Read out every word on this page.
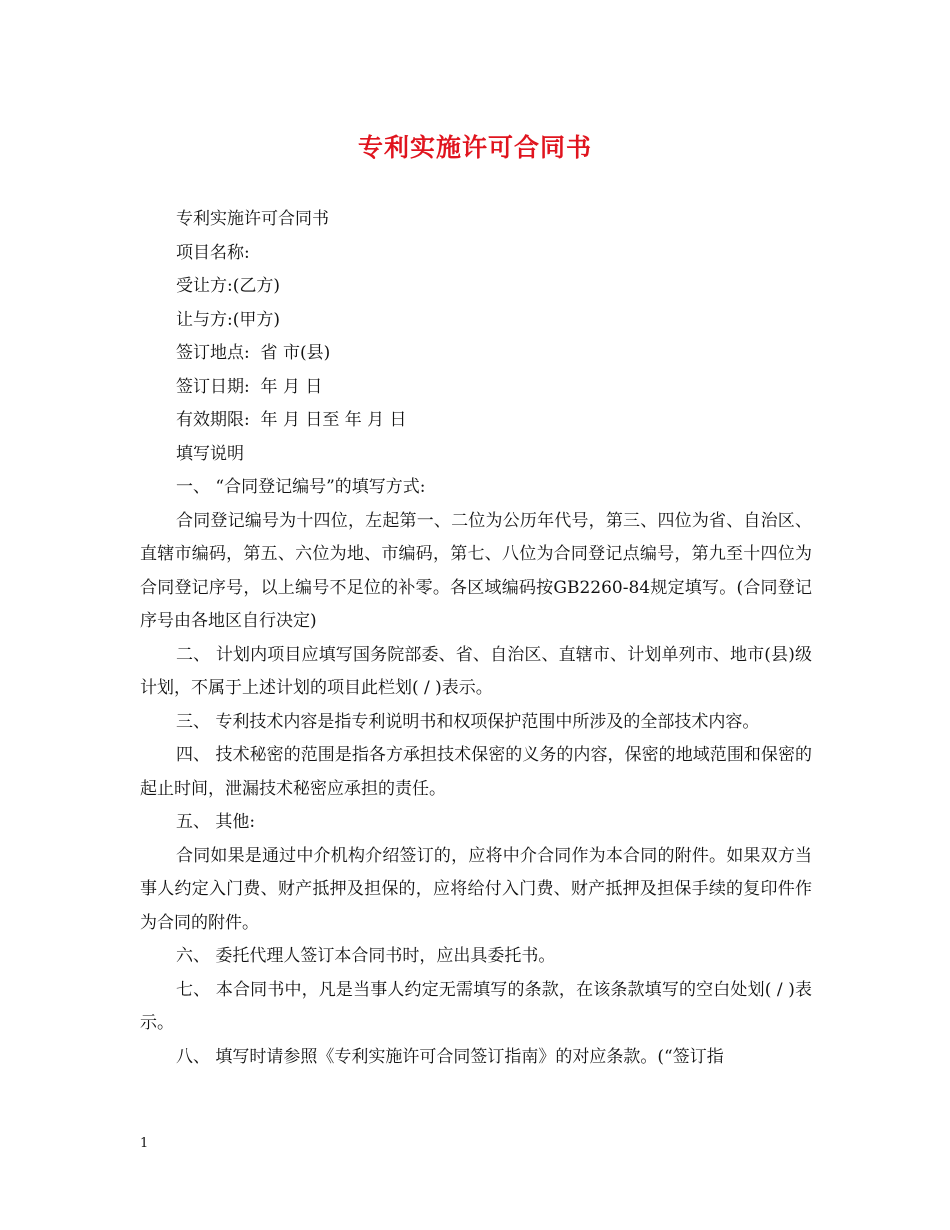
专利实施许可合同书

专利实施许可合同书

项目名称:

受让方:(乙方)

让与方:(甲方)

签订地点:  省 市(县)

签订日期:  年 月 日

有效期限:  年 月 日至 年 月 日

填写说明

一、 “合同登记编号”的填写方式:

合同登记编号为十四位，左起第一、二位为公历年代号，第三、四位为省、自治区、直辖市编码，第五、六位为地、市编码，第七、八位为合同登记点编号，第九至十四位为合同登记序号，以上编号不足位的补零。各区域编码按GB2260-84规定填写。(合同登记序号由各地区自行决定)

二、 计划内项目应填写国务院部委、省、自治区、直辖市、计划单列市、地市(县)级计划，不属于上述计划的项目此栏划( / )表示。

三、 专利技术内容是指专利说明书和权项保护范围中所涉及的全部技术内容。

四、 技术秘密的范围是指各方承担技术保密的义务的内容，保密的地域范围和保密的起止时间，泄漏技术秘密应承担的责任。

五、 其他:

合同如果是通过中介机构介绍签订的，应将中介合同作为本合同的附件。如果双方当事人约定入门费、财产抵押及担保的，应将给付入门费、财产抵押及担保手续的复印件作为合同的附件。

六、 委托代理人签订本合同书时，应出具委托书。

七、 本合同书中，凡是当事人约定无需填写的条款，在该条款填写的空白处划( / )表示。

八、 填写时请参照《专利实施许可合同签订指南》的对应条款。(“签订指

1
